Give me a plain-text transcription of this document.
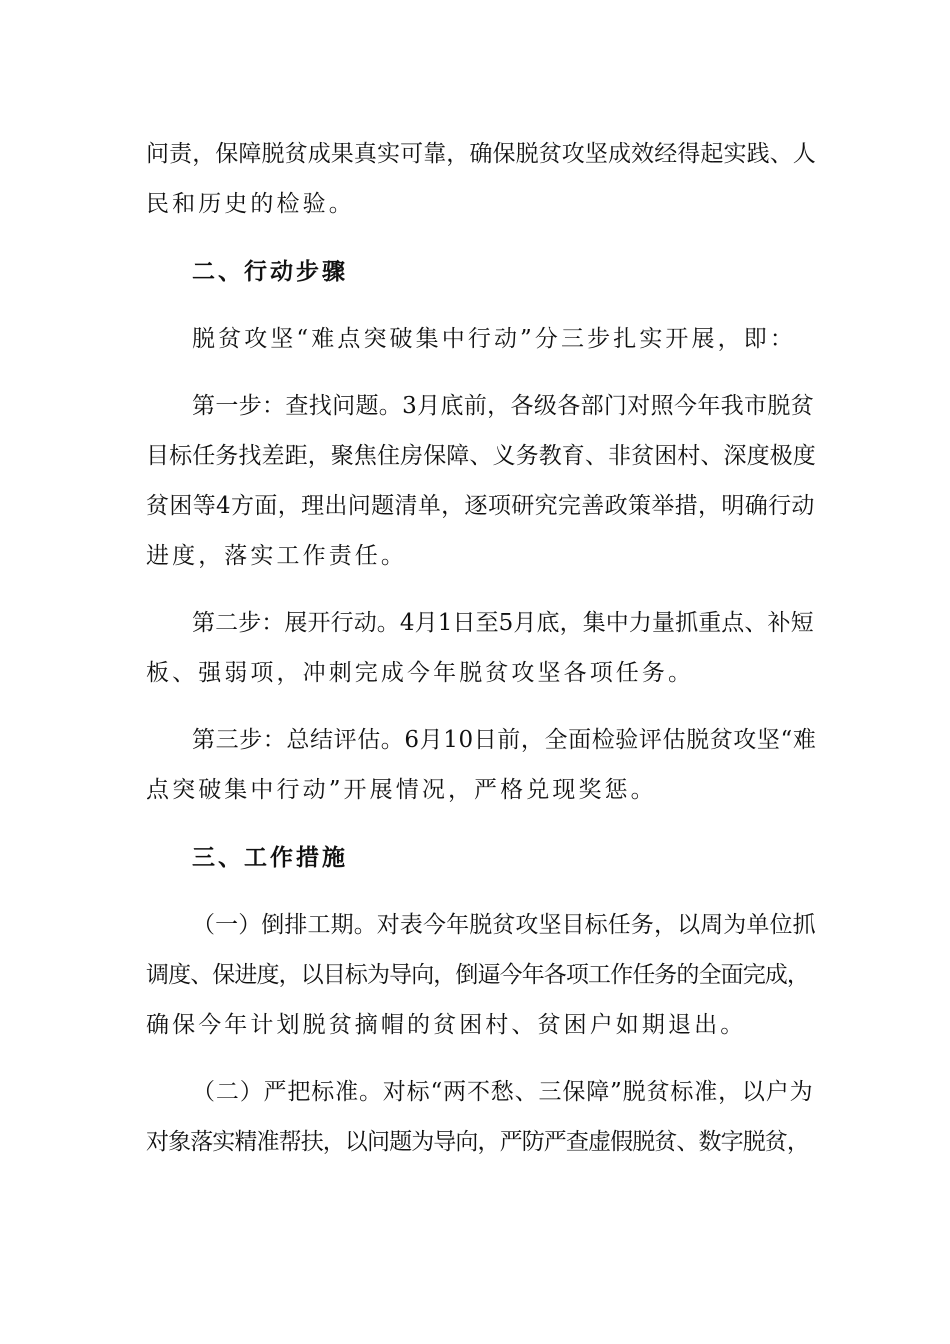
问责，保障脱贫成果真实可靠，确保脱贫攻坚成效经得起实践、人
民和历史的检验。
二、行动步骤
脱贫攻坚“难点突破集中行动”分三步扎实开展，即：
第一步：查找问题。3月底前，各级各部门对照今年我市脱贫
目标任务找差距，聚焦住房保障、义务教育、非贫困村、深度极度
贫困等4方面，理出问题清单，逐项研究完善政策举措，明确行动
进度，落实工作责任。
第二步：展开行动。4月1日至5月底，集中力量抓重点、补短
板、强弱项，冲刺完成今年脱贫攻坚各项任务。
第三步：总结评估。6月10日前，全面检验评估脱贫攻坚“难
点突破集中行动”开展情况，严格兑现奖惩。
三、工作措施
（一）倒排工期。对表今年脱贫攻坚目标任务，以周为单位抓
调度、保进度，以目标为导向，倒逼今年各项工作任务的全面完成，
确保今年计划脱贫摘帽的贫困村、贫困户如期退出。
（二）严把标准。对标“两不愁、三保障”脱贫标准，以户为
对象落实精准帮扶，以问题为导向，严防严查虚假脱贫、数字脱贫，
